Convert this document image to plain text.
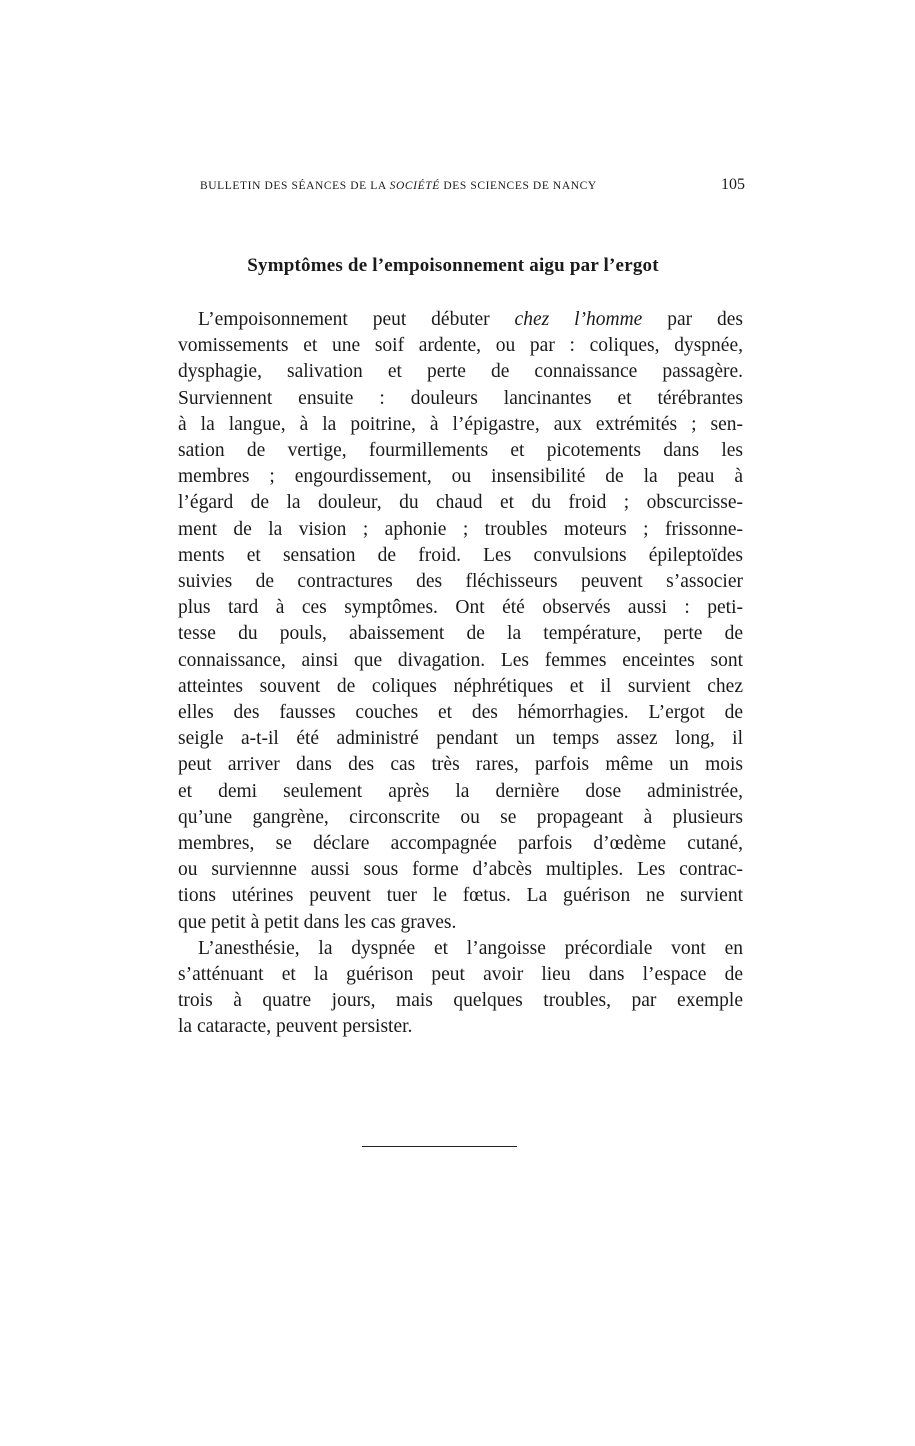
BULLETIN DES SÉANCES DE LA SOCIÉTÉ DES SCIENCES DE NANCY	105
Symptômes de l’empoisonnement aigu par l’ergot

L’empoisonnement peut débuter chez l’homme par des
vomissements et une soif ardente, ou par : coliques, dyspnée,
dysphagie, salivation et perte de connaissance passagère.
Surviennent ensuite : douleurs lancinantes et térébrantes
à la langue, à la poitrine, à l’épigastre, aux extrémités ; sen-
sation de vertige, fourmillements et picotements dans les
membres ; engourdissement, ou insensibilité de la peau à
l’égard de la douleur, du chaud et du froid ; obscurcisse-
ment de la vision ; aphonie ; troubles moteurs ; frissonne-
ments et sensation de froid. Les convulsions épileptoïdes
suivies de contractures des fléchisseurs peuvent s’associer
plus tard à ces symptômes. Ont été observés aussi : peti-
tesse du pouls, abaissement de la température, perte de
connaissance, ainsi que divagation. Les femmes enceintes sont
atteintes souvent de coliques néphrétiques et il survient chez
elles des fausses couches et des hémorrhagies. L’ergot de
seigle a-t-il été administré pendant un temps assez long, il
peut arriver dans des cas très rares, parfois même un mois
et demi seulement après la dernière dose administrée,
qu’une gangrène, circonscrite ou se propageant à plusieurs
membres, se déclare accompagnée parfois d’œdème cutané,
ou surviennne aussi sous forme d’abcès multiples. Les contrac-
tions utérines peuvent tuer le fœtus. La guérison ne survient
que petit à petit dans les cas graves.

L’anesthésie, la dyspnée et l’angoisse précordiale vont en
s’atténuant et la guérison peut avoir lieu dans l’espace de
trois à quatre jours, mais quelques troubles, par exemple
la cataracte, peuvent persister.
